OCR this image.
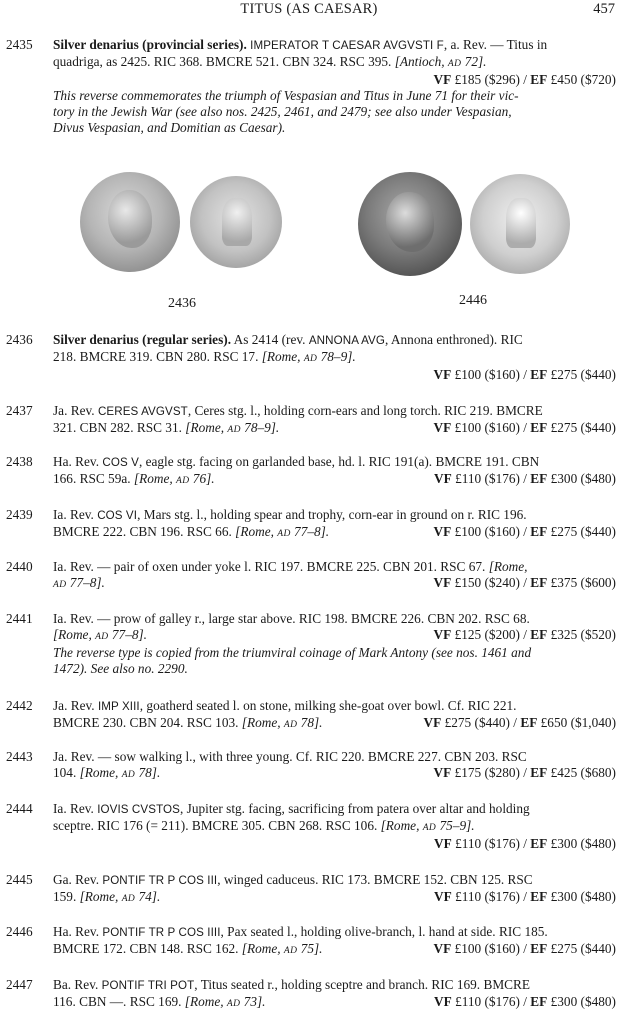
TITUS (AS CAESAR)	457
2435	Silver denarius (provincial series). IMPERATOR T CAESAR AVGVSTI F, a. Rev. — Titus in
quadriga, as 2425. RIC 368. BMCRE 521. CBN 324. RSC 395. [Antioch, AD 72].
VF £185 ($296) / EF £450 ($720)
This reverse commemorates the triumph of Vespasian and Titus in June 71 for their vic-
tory in the Jewish War (see also nos. 2425, 2461, and 2479; see also under Vespasian,
Divus Vespasian, and Domitian as Caesar).
2436	2446
2436	Silver denarius (regular series). As 2414 (rev. ANNONA AVG, Annona enthroned). RIC
218. BMCRE 319. CBN 280. RSC 17. [Rome, AD 78–9].
VF £100 ($160) / EF £275 ($440)
2437	Ja. Rev. CERES AVGVST, Ceres stg. l., holding corn-ears and long torch. RIC 219. BMCRE
321. CBN 282. RSC 31. [Rome, AD 78–9].	VF £100 ($160) / EF £275 ($440)
2438	Ha. Rev. COS V, eagle stg. facing on garlanded base, hd. l. RIC 191(a). BMCRE 191. CBN
166. RSC 59a. [Rome, AD 76].	VF £110 ($176) / EF £300 ($480)
2439	Ia. Rev. COS VI, Mars stg. l., holding spear and trophy, corn-ear in ground on r. RIC 196.
BMCRE 222. CBN 196. RSC 66. [Rome, AD 77–8].	VF £100 ($160) / EF £275 ($440)
2440	Ia. Rev. — pair of oxen under yoke l. RIC 197. BMCRE 225. CBN 201. RSC 67. [Rome,
AD 77–8].	VF £150 ($240) / EF £375 ($600)
2441	Ia. Rev. — prow of galley r., large star above. RIC 198. BMCRE 226. CBN 202. RSC 68.
[Rome, AD 77–8].	VF £125 ($200) / EF £325 ($520)
The reverse type is copied from the triumviral coinage of Mark Antony (see nos. 1461 and
1472). See also no. 2290.
2442	Ja. Rev. IMP XIII, goatherd seated l. on stone, milking she-goat over bowl. Cf. RIC 221.
BMCRE 230. CBN 204. RSC 103. [Rome, AD 78].	VF £275 ($440) / EF £650 ($1,040)
2443	Ja. Rev. — sow walking l., with three young. Cf. RIC 220. BMCRE 227. CBN 203. RSC
104. [Rome, AD 78].	VF £175 ($280) / EF £425 ($680)
2444	Ia. Rev. IOVIS CVSTOS, Jupiter stg. facing, sacrificing from patera over altar and holding
sceptre. RIC 176 (= 211). BMCRE 305. CBN 268. RSC 106. [Rome, AD 75–9].
VF £110 ($176) / EF £300 ($480)
2445	Ga. Rev. PONTIF TR P COS III, winged caduceus. RIC 173. BMCRE 152. CBN 125. RSC
159. [Rome, AD 74].	VF £110 ($176) / EF £300 ($480)
2446	Ha. Rev. PONTIF TR P COS IIII, Pax seated l., holding olive-branch, l. hand at side. RIC 185.
BMCRE 172. CBN 148. RSC 162. [Rome, AD 75].	VF £100 ($160) / EF £275 ($440)
2447	Ba. Rev. PONTIF TRI POT, Titus seated r., holding sceptre and branch. RIC 169. BMCRE
116. CBN —. RSC 169. [Rome, AD 73].	VF £110 ($176) / EF £300 ($480)
